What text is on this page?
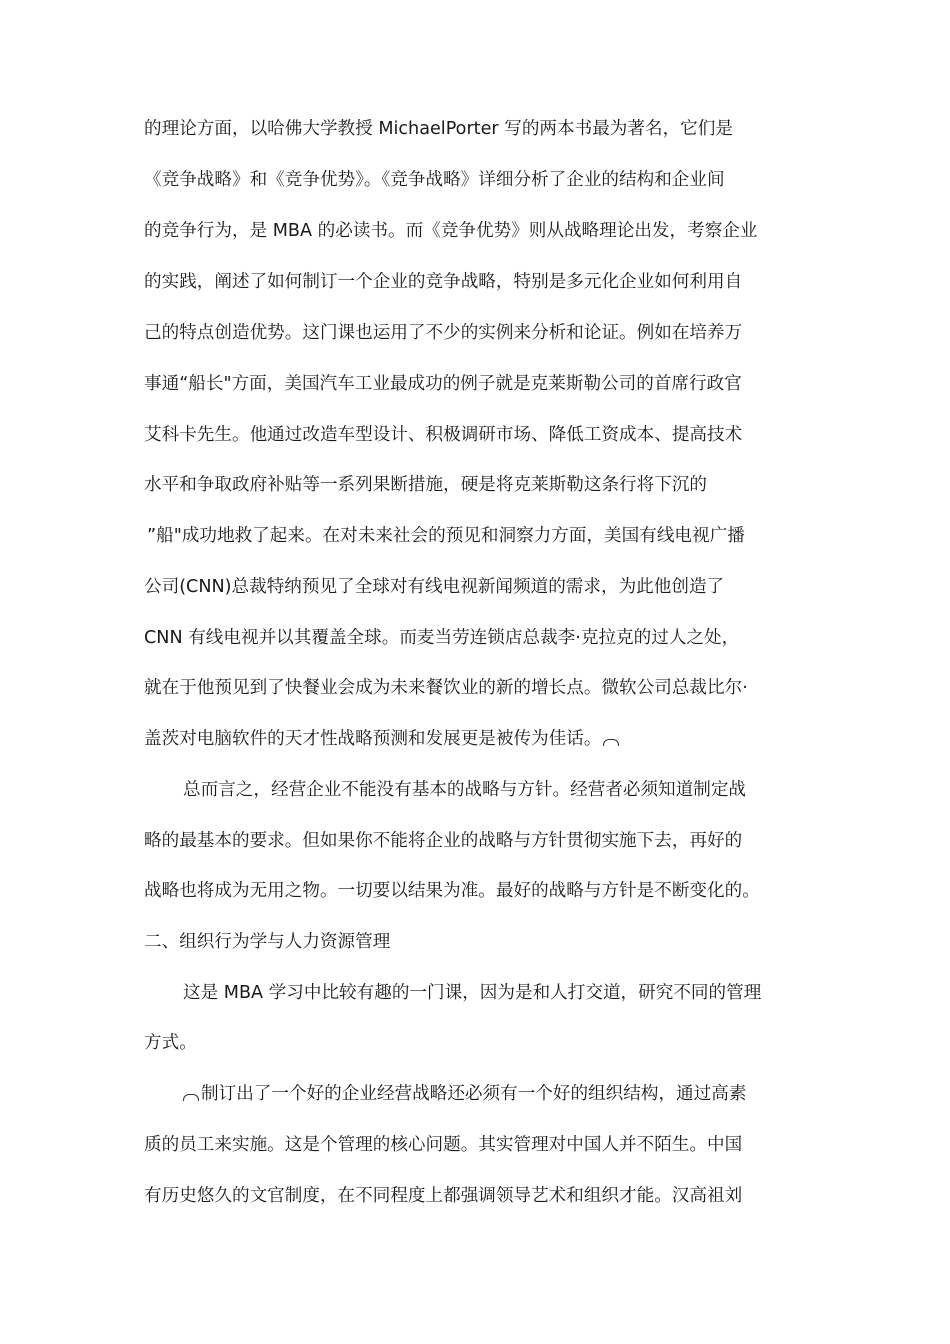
的理论方面，以哈佛大学教授 MichaelPorter 写的两本书最为著名，它们是
《竞争战略》和《竞争优势》。《竞争战略》详细分析了企业的结构和企业间
的竞争行为，是 MBA 的必读书。而《竞争优势》则从战略理论出发，考察企业
的实践，阐述了如何制订一个企业的竞争战略，特别是多元化企业如何利用自
己的特点创造优势。这门课也运用了不少的实例来分析和论证。例如在培养万
事通“船长"方面，美国汽车工业最成功的例子就是克莱斯勒公司的首席行政官
艾科卡先生。他通过改造车型设计、积极调研市场、降低工资成本、提高技术
水平和争取政府补贴等一系列果断措施，硬是将克莱斯勒这条行将下沉的
”船"成功地救了起来。在对未来社会的预见和洞察力方面，美国有线电视广播
公司(CNN)总裁特纳预见了全球对有线电视新闻频道的需求，为此他创造了
CNN 有线电视并以其覆盖全球。而麦当劳连锁店总裁李·克拉克的过人之处，
就在于他预见到了快餐业会成为未来餐饮业的新的增长点。微软公司总裁比尔·
盖茨对电脑软件的天才性战略预测和发展更是被传为佳话。
总而言之，经营企业不能没有基本的战略与方针。经营者必须知道制定战
略的最基本的要求。但如果你不能将企业的战略与方针贯彻实施下去，再好的
战略也将成为无用之物。一切要以结果为准。最好的战略与方针是不断变化的。
二、组织行为学与人力资源管理
这是 MBA 学习中比较有趣的一门课，因为是和人打交道，研究不同的管理
方式。
制订出了一个好的企业经营战略还必须有一个好的组织结构，通过高素
质的员工来实施。这是个管理的核心问题。其实管理对中国人并不陌生。中国
有历史悠久的文官制度，在不同程度上都强调领导艺术和组织才能。汉高祖刘
